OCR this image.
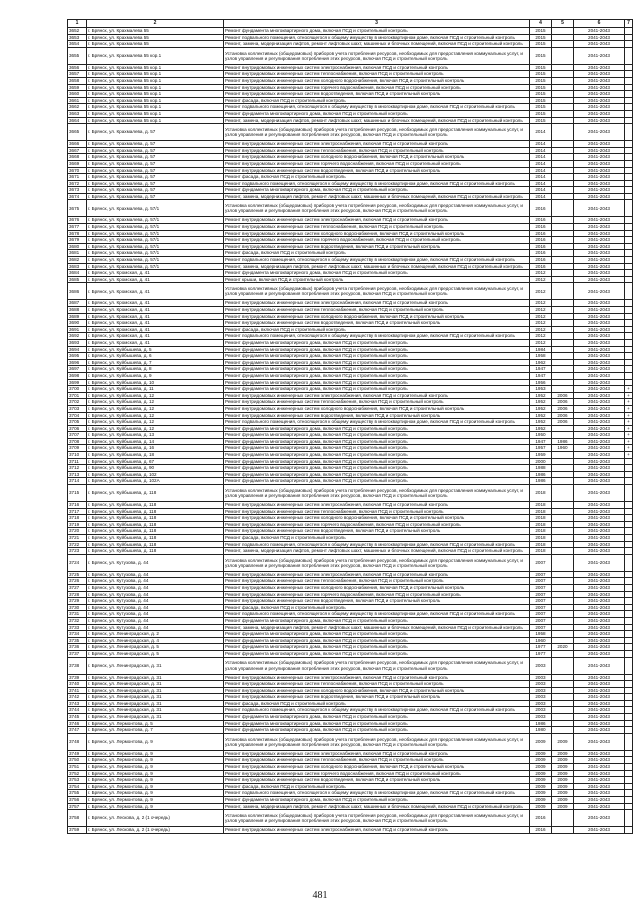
1	2	3	4	5	6	7
3652	г. Брянск, ул. Крахмалева 55	Ремонт фундамента многоквартирного дома, включая ПСД и строительный контроль	2015		2041-2043	
3653	г. Брянск, ул. Крахмалева 55	Ремонт подвального помещения, относящегося к общему имуществу в многоквартирном доме, включая ПСД и строительный контроль	2015		2041-2043	
3654	г. Брянск, ул. Крахмалева 55	Ремонт, замена, модернизация лифтов, ремонт лифтовых шахт, машинных и блочных помещений, включая ПСД и строительный контроль	2015		2041-2043	
3655	г. Брянск, ул. Крахмалева 55 кор.1	Установка коллективных (общедомовых) приборов учета потребления ресурсов, необходимых для предоставления коммунальных услуг, и узлов управления и регулирования потребления этих ресурсов, включая ПСД и строительный контроль	2015		2041-2043	
3656	г. Брянск, ул. Крахмалева 55 кор.1	Ремонт внутридомовых инженерных систем электроснабжения, включая ПСД и строительный контроль	2015		2041-2043	
3657	г. Брянск, ул. Крахмалева 55 кор.1	Ремонт внутридомовых инженерных систем теплоснабжения, включая ПСД и строительный контроль	2015		2041-2043	
3658	г. Брянск, ул. Крахмалева 55 кор.1	Ремонт внутридомовых инженерных систем холодного водоснабжения, включая ПСД и строительный контроль	2015		2041-2043	
3659	г. Брянск, ул. Крахмалева 55 кор.1	Ремонт внутридомовых инженерных систем горячего водоснабжения, включая ПСД и строительный контроль	2015		2041-2043	
3660	г. Брянск, ул. Крахмалева 55 кор.1	Ремонт внутридомовых инженерных систем водоотведения, включая ПСД и строительный контроль	2015		2041-2043	
3661	г. Брянск, ул. Крахмалева 55 кор.1	Ремонт фасада, включая ПСД и строительный контроль	2015		2041-2043	
3662	г. Брянск, ул. Крахмалева 55 кор.1	Ремонт подвального помещения, относящегося к общему имуществу в многоквартирном доме, включая ПСД и строительный контроль	2015		2041-2043	
3663	г. Брянск, ул. Крахмалева 55 кор.1	Ремонт фундамента многоквартирного дома, включая ПСД и строительный контроль	2015		2041-2043	
3664	г. Брянск, ул. Крахмалева 55 кор.1	Ремонт, замена, модернизация лифтов, ремонт лифтовых шахт, машинных и блочных помещений, включая ПСД и строительный контроль	2015		2041-2043	
3665	г. Брянск, ул. Крахмалева, д. 57	Установка коллективных (общедомовых) приборов учета потребления ресурсов, необходимых для предоставления коммунальных услуг, и узлов управления и регулирования потребления этих ресурсов, включая ПСД и строительный контроль	2014		2041-2043	
3666	г. Брянск, ул. Крахмалева, д. 57	Ремонт внутридомовых инженерных систем электроснабжения, включая ПСД и строительный контроль	2014		2041-2043	
3667	г. Брянск, ул. Крахмалева, д. 57	Ремонт внутридомовых инженерных систем теплоснабжения, включая ПСД и строительный контроль	2014		2041-2043	
3668	г. Брянск, ул. Крахмалева, д. 57	Ремонт внутридомовых инженерных систем холодного водоснабжения, включая ПСД и строительный контроль	2014		2041-2043	
3669	г. Брянск, ул. Крахмалева, д. 57	Ремонт внутридомовых инженерных систем горячего водоснабжения, включая ПСД и строительный контроль	2014		2041-2043	
3670	г. Брянск, ул. Крахмалева, д. 57	Ремонт внутридомовых инженерных систем водоотведения, включая ПСД и строительный контроль	2014		2041-2043	
3671	г. Брянск, ул. Крахмалева, д. 57	Ремонт фасада, включая ПСД и строительный контроль	2014		2041-2043	
3672	г. Брянск, ул. Крахмалева, д. 57	Ремонт подвального помещения, относящегося к общему имуществу в многоквартирном доме, включая ПСД и строительный контроль	2014		2041-2043	
3673	г. Брянск, ул. Крахмалева, д. 57	Ремонт фундамента многоквартирного дома, включая ПСД и строительный контроль	2014		2041-2043	
3674	г. Брянск, ул. Крахмалева, д. 57	Ремонт, замена, модернизация лифтов, ремонт лифтовых шахт, машинных и блочных помещений, включая ПСД и строительный контроль	2014		2041-2043	
3675	г. Брянск, ул. Крахмалева, д. 57/1	Установка коллективных (общедомовых) приборов учета потребления ресурсов, необходимых для предоставления коммунальных услуг, и узлов управления и регулирования потребления этих ресурсов, включая ПСД и строительный контроль	2016		2041-2043	
3676	г. Брянск, ул. Крахмалева, д. 57/1	Ремонт внутридомовых инженерных систем электроснабжения, включая ПСД и строительный контроль	2016		2041-2043	
3677	г. Брянск, ул. Крахмалева, д. 57/1	Ремонт внутридомовых инженерных систем теплоснабжения, включая ПСД и строительный контроль	2016		2041-2043	
3678	г. Брянск, ул. Крахмалева, д. 57/1	Ремонт внутридомовых инженерных систем холодного водоснабжения, включая ПСД и строительный контроль	2016		2041-2043	
3679	г. Брянск, ул. Крахмалева, д. 57/1	Ремонт внутридомовых инженерных систем горячего водоснабжения, включая ПСД и строительный контроль	2016		2041-2043	
3680	г. Брянск, ул. Крахмалева, д. 57/1	Ремонт внутридомовых инженерных систем водоотведения, включая ПСД и строительный контроль	2016		2041-2043	
3681	г. Брянск, ул. Крахмалева, д. 57/1	Ремонт фасада, включая ПСД и строительный контроль	2016		2041-2043	
3682	г. Брянск, ул. Крахмалева, д. 57/1	Ремонт подвального помещения, относящегося к общему имуществу в многоквартирном доме, включая ПСД и строительный контроль	2016		2041-2043	
3683	г. Брянск, ул. Крахмалева, д. 57/1	Ремонт, замена, модернизация лифтов, ремонт лифтовых шахт, машинных и блочных помещений, включая ПСД и строительный контроль	2016		2041-2043	
3684	г. Брянск, ул. Кромская, д. 41	Ремонт фундамента многоквартирного дома, включая ПСД и строительный контроль	2012		2041-2043	
3685	г. Брянск, ул. Кромская, д. 41	Ремонт крыши, включая ПСД и строительный контроль	2012		2041-2043	
3686	г. Брянск, ул. Кромская, д. 41	Установка коллективных (общедомовых) приборов учета потребления ресурсов, необходимых для предоставления коммунальных услуг, и узлов управления и регулирования потребления этих ресурсов, включая ПСД и строительный контроль	2012		2041-2043	
3687	г. Брянск, ул. Кромская, д. 41	Ремонт внутридомовых инженерных систем электроснабжения, включая ПСД и строительный контроль	2012		2041-2043	
3688	г. Брянск, ул. Кромская, д. 41	Ремонт внутридомовых инженерных систем теплоснабжения, включая ПСД и строительный контроль	2012		2041-2043	
3689	г. Брянск, ул. Кромская, д. 41	Ремонт внутридомовых инженерных систем холодного водоснабжения, включая ПСД и строительный контроль	2012		2041-2043	
3690	г. Брянск, ул. Кромская, д. 41	Ремонт внутридомовых инженерных систем водоотведения, включая ПСД и строительный контроль	2012		2041-2043	
3691	г. Брянск, ул. Кромская, д. 41	Ремонт фасада, включая ПСД и строительный контроль	2012		2041-2043	
3692	г. Брянск, ул. Кромская, д. 41	Ремонт подвального помещения, относящегося к общему имуществу в многоквартирном доме, включая ПСД и строительный контроль	2012		2041-2043	
3693	г. Брянск, ул. Кромская, д. 41	Ремонт фундамента многоквартирного дома, включая ПСД и строительный контроль	2012		2041-2043	
3694	г. Брянск, ул. Куйбышева, д. 5	Ремонт фундамента многоквартирного дома, включая ПСД и строительный контроль	1984		2041-2043	
3695	г. Брянск, ул. Куйбышева, д. 6	Ремонт фундамента многоквартирного дома, включая ПСД и строительный контроль	1958		2041-2043	
3696	г. Брянск, ул. Куйбышева, д. 7	Ремонт фундамента многоквартирного дома, включая ПСД и строительный контроль	1962		2041-2043	
3697	г. Брянск, ул. Куйбышева, д. 8	Ремонт фундамента многоквартирного дома, включая ПСД и строительный контроль	1947		2041-2043	
3698	г. Брянск, ул. Куйбышева, д. 9	Ремонт фундамента многоквартирного дома, включая ПСД и строительный контроль	1947		2041-2043	
3699	г. Брянск, ул. Куйбышева, д. 10	Ремонт фундамента многоквартирного дома, включая ПСД и строительный контроль	1956		2041-2043	
3700	г. Брянск, ул. Куйбышева, д. 11	Ремонт фундамента многоквартирного дома, включая ПСД и строительный контроль	1953		2041-2043	+
3701	г. Брянск, ул. Куйбышева, д. 12	Ремонт внутридомовых инженерных систем электроснабжения, включая ПСД и строительный контроль	1952	2006	2041-2043	+
3702	г. Брянск, ул. Куйбышева, д. 12	Ремонт внутридомовых инженерных систем теплоснабжения, включая ПСД и строительный контроль	1952	2006	2041-2043	+
3703	г. Брянск, ул. Куйбышева, д. 12	Ремонт внутридомовых инженерных систем холодного водоснабжения, включая ПСД и строительный контроль	1952	2006	2041-2043	+
3704	г. Брянск, ул. Куйбышева, д. 12	Ремонт внутридомовых инженерных систем водоотведения, включая ПСД и строительный контроль	1952	2006	2041-2043	+
3705	г. Брянск, ул. Куйбышева, д. 12	Ремонт подвального помещения, относящегося к общему имуществу в многоквартирном доме, включая ПСД и строительный контроль	1952	2006	2041-2043	+
3706	г. Брянск, ул. Куйбышева, д. 12	Ремонт фундамента многоквартирного дома, включая ПСД и строительный контроль	1952		2041-2043	+
3707	г. Брянск, ул. Куйбышева, д. 13	Ремонт фундамента многоквартирного дома, включая ПСД и строительный контроль	1950		2041-2043	+
3708	г. Брянск, ул. Куйбышева, д. 14	Ремонт фундамента многоквартирного дома, включая ПСД и строительный контроль	1947	1986	2041-2043	+
3709	г. Брянск, ул. Куйбышева, д. 16	Ремонт фундамента многоквартирного дома, включая ПСД и строительный контроль	1957	1960	2041-2043	+
3710	г. Брянск, ул. Куйбышева, д. 18	Ремонт фундамента многоквартирного дома, включая ПСД и строительный контроль	1959		2041-2043	+
3711	г. Брянск, ул. Куйбышева, д. 67	Ремонт фундамента многоквартирного дома, включая ПСД и строительный контроль	2000		2041-2043	
3712	г. Брянск, ул. Куйбышева, д. 90	Ремонт фундамента многоквартирного дома, включая ПСД и строительный контроль	1988		2041-2043	
3713	г. Брянск, ул. Куйбышева, д. 102	Ремонт фундамента многоквартирного дома, включая ПСД и строительный контроль	1986		2041-2043	
3714	г. Брянск, ул. Куйбышева, д. 102А	Ремонт фундамента многоквартирного дома, включая ПСД и строительный контроль	1986		2041-2043	
3715	г. Брянск, ул. Куйбышева, д. 118	Установка коллективных (общедомовых) приборов учета потребления ресурсов, необходимых для предоставления коммунальных услуг, и узлов управления и регулирования потребления этих ресурсов, включая ПСД и строительный контроль	2018		2041-2043	
3716	г. Брянск, ул. Куйбышева, д. 118	Ремонт внутридомовых инженерных систем электроснабжения, включая ПСД и строительный контроль	2018		2041-2043	
3717	г. Брянск, ул. Куйбышева, д. 118	Ремонт внутридомовых инженерных систем теплоснабжения, включая ПСД и строительный контроль	2018		2041-2043	
3718	г. Брянск, ул. Куйбышева, д. 118	Ремонт внутридомовых инженерных систем холодного водоснабжения, включая ПСД и строительный контроль	2018		2041-2043	
3719	г. Брянск, ул. Куйбышева, д. 118	Ремонт внутридомовых инженерных систем горячего водоснабжения, включая ПСД и строительный контроль	2018		2041-2043	
3720	г. Брянск, ул. Куйбышева, д. 118	Ремонт внутридомовых инженерных систем водоотведения, включая ПСД и строительный контроль	2018		2041-2043	
3721	г. Брянск, ул. Куйбышева, д. 118	Ремонт фасада, включая ПСД и строительный контроль	2018		2041-2043	
3722	г. Брянск, ул. Куйбышева, д. 118	Ремонт подвального помещения, относящегося к общему имуществу в многоквартирном доме, включая ПСД и строительный контроль	2018		2041-2043	
3723	г. Брянск, ул. Куйбышева, д. 118	Ремонт, замена, модернизация лифтов, ремонт лифтовых шахт, машинных и блочных помещений, включая ПСД и строительный контроль	2018		2041-2043	
3724	г. Брянск, ул. Кутузова, д. 44	Установка коллективных (общедомовых) приборов учета потребления ресурсов, необходимых для предоставления коммунальных услуг, и узлов управления и регулирования потребления этих ресурсов, включая ПСД и строительный контроль	2007		2041-2043	
3725	г. Брянск, ул. Кутузова, д. 44	Ремонт внутридомовых инженерных систем электроснабжения, включая ПСД и строительный контроль	2007		2041-2043	
3726	г. Брянск, ул. Кутузова, д. 44	Ремонт внутридомовых инженерных систем теплоснабжения, включая ПСД и строительный контроль	2007		2041-2043	
3727	г. Брянск, ул. Кутузова, д. 44	Ремонт внутридомовых инженерных систем холодного водоснабжения, включая ПСД и строительный контроль	2007		2041-2043	
3728	г. Брянск, ул. Кутузова, д. 44	Ремонт внутридомовых инженерных систем горячего водоснабжения, включая ПСД и строительный контроль	2007		2041-2043	
3729	г. Брянск, ул. Кутузова, д. 44	Ремонт внутридомовых инженерных систем водоотведения, включая ПСД и строительный контроль	2007		2041-2043	
3730	г. Брянск, ул. Кутузова, д. 44	Ремонт фасада, включая ПСД и строительный контроль	2007		2041-2043	
3731	г. Брянск, ул. Кутузова, д. 44	Ремонт подвального помещения, относящегося к общему имуществу в многоквартирном доме, включая ПСД и строительный контроль	2007		2041-2043	
3732	г. Брянск, ул. Кутузова, д. 44	Ремонт фундамента многоквартирного дома, включая ПСД и строительный контроль	2007		2041-2043	
3733	г. Брянск, ул. Кутузова, д. 44	Ремонт, замена, модернизация лифтов, ремонт лифтовых шахт, машинных и блочных помещений, включая ПСД и строительный контроль	2007		2041-2043	
3734	г. Брянск, ул. Ленинградская, д. 2	Ремонт фундамента многоквартирного дома, включая ПСД и строительный контроль	1958		2041-2043	
3735	г. Брянск, ул. Ленинградская, д. 4	Ремонт фундамента многоквартирного дома, включая ПСД и строительный контроль	1960		2041-2043	
3736	г. Брянск, ул. Ленинградская, д. 5	Ремонт фундамента многоквартирного дома, включая ПСД и строительный контроль	1977	2020	2041-2043	
3737	г. Брянск, ул. Ленинградская, д. 5	Ремонт фундамента многоквартирного дома, включая ПСД и строительный контроль	1977		2041-2043	
3738	г. Брянск, ул. Ленинградская, д. 31	Установка коллективных (общедомовых) приборов учета потребления ресурсов, необходимых для предоставления коммунальных услуг, и узлов управления и регулирования потребления этих ресурсов, включая ПСД и строительный контроль	2003		2041-2043	
3739	г. Брянск, ул. Ленинградская, д. 31	Ремонт внутридомовых инженерных систем электроснабжения, включая ПСД и строительный контроль	2003		2041-2043	
3740	г. Брянск, ул. Ленинградская, д. 31	Ремонт внутридомовых инженерных систем теплоснабжения, включая ПСД и строительный контроль	2003		2041-2043	
3741	г. Брянск, ул. Ленинградская, д. 31	Ремонт внутридомовых инженерных систем холодного водоснабжения, включая ПСД и строительный контроль	2003		2041-2043	
3742	г. Брянск, ул. Ленинградская, д. 31	Ремонт внутридомовых инженерных систем водоотведения, включая ПСД и строительный контроль	2003		2041-2043	
3743	г. Брянск, ул. Ленинградская, д. 31	Ремонт фасада, включая ПСД и строительный контроль	2003		2041-2043	
3744	г. Брянск, ул. Ленинградская, д. 31	Ремонт подвального помещения, относящегося к общему имуществу в многоквартирном доме, включая ПСД и строительный контроль	2003		2041-2043	
3745	г. Брянск, ул. Ленинградская, д. 31	Ремонт фундамента многоквартирного дома, включая ПСД и строительный контроль	2003		2041-2043	
3746	г. Брянск, ул. Лермонтова, д. 5	Ремонт фундамента многоквартирного дома, включая ПСД и строительный контроль	1986		2041-2043	
3747	г. Брянск, ул. Лермонтова, д. 7	Ремонт фундамента многоквартирного дома, включая ПСД и строительный контроль	1980		2041-2043	
3748	г. Брянск, ул. Лермонтова, д. 9	Установка коллективных (общедомовых) приборов учета потребления ресурсов, необходимых для предоставления коммунальных услуг, и узлов управления и регулирования потребления этих ресурсов, включая ПСД и строительный контроль	2009	2009	2041-2043	
3749	г. Брянск, ул. Лермонтова, д. 9	Ремонт внутридомовых инженерных систем электроснабжения, включая ПСД и строительный контроль	2009	2009	2041-2043	
3750	г. Брянск, ул. Лермонтова, д. 9	Ремонт внутридомовых инженерных систем теплоснабжения, включая ПСД и строительный контроль	2009	2009	2041-2043	
3751	г. Брянск, ул. Лермонтова, д. 9	Ремонт внутридомовых инженерных систем холодного водоснабжения, включая ПСД и строительный контроль	2009	2009	2041-2043	
3752	г. Брянск, ул. Лермонтова, д. 9	Ремонт внутридомовых инженерных систем горячего водоснабжения, включая ПСД и строительный контроль	2009	2009	2041-2043	
3753	г. Брянск, ул. Лермонтова, д. 9	Ремонт внутридомовых инженерных систем водоотведения, включая ПСД и строительный контроль	2009	2009	2041-2043	
3754	г. Брянск, ул. Лермонтова, д. 9	Ремонт фасада, включая ПСД и строительный контроль	2009	2009	2041-2043	
3755	г. Брянск, ул. Лермонтова, д. 9	Ремонт подвального помещения, относящегося к общему имуществу в многоквартирном доме, включая ПСД и строительный контроль	2009	2009	2041-2043	
3756	г. Брянск, ул. Лермонтова, д. 9	Ремонт фундамента многоквартирного дома, включая ПСД и строительный контроль	2009	2009	2041-2043	
3757	г. Брянск, ул. Лермонтова, д. 9	Ремонт, замена, модернизация лифтов, ремонт лифтовых шахт, машинных и блочных помещений, включая ПСД и строительный контроль	2009	2009	2041-2043	
3758	г. Брянск, ул. Лескова, д. 2 (1 очередь)	Установка коллективных (общедомовых) приборов учета потребления ресурсов, необходимых для предоставления коммунальных услуг, и узлов управления и регулирования потребления этих ресурсов, включая ПСД и строительный контроль	2016		2041-2043	
3759	г. Брянск, ул. Лескова, д. 2 (1 очередь)	Ремонт внутридомовых инженерных систем электроснабжения, включая ПСД и строительный контроль	2016		2041-2043	
481
